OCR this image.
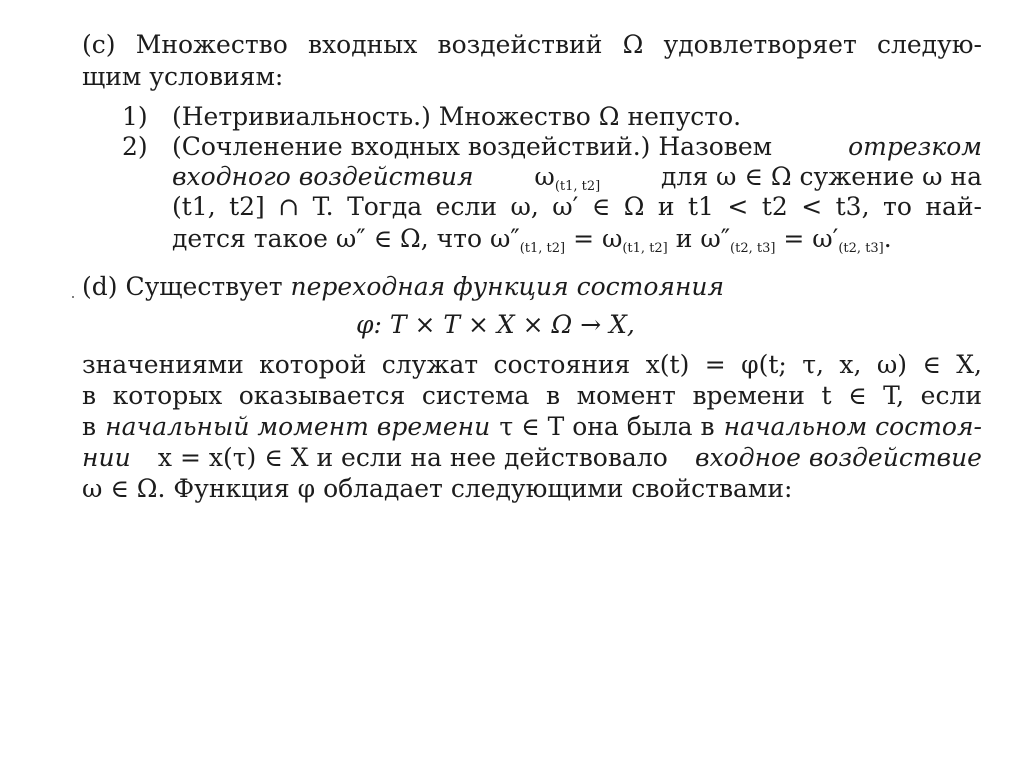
(c) Множество входных воздействий Ω удовлетворяет следую-
щим условиям:
1) (Нетривиальность.) Множество Ω непусто.
2) (Сочленение входных воздействий.) Назовем	отрезком
входного воздействия $\omega_{(t1, t2]}$ для ω ∈ Ω сужение ω на
(t1, t2] ∩ T. Тогда если ω, ω′ ∈ Ω и t1 < t2 < t3, то най-
дется такое ω″ ∈ Ω, что $\omega''_{(t1, t2]} = \omega_{(t1, t2]}$ и $\omega''_{(t2, t3]} = \omega'_{(t2, t3]}$.
(d) Существует переходная функция состояния
φ: T × T × X × Ω → X,
значениями которой служат состояния x(t) = φ(t; τ, x, ω) ∈ X,
в которых оказывается система в момент времени t ∈ T, если
в начальный момент времени τ ∈ T она была в начальном состоя-
нии x = x(τ) ∈ X и если на нее действовало входное воздействие
ω ∈ Ω. Функция φ обладает следующими свойствами:
